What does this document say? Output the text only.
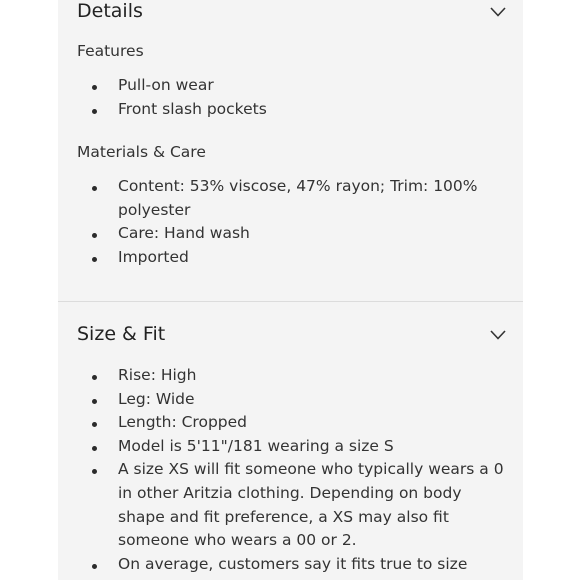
Details
Features
Pull-on wear
Front slash pockets
Materials & Care
Content: 53% viscose, 47% rayon; Trim: 100% polyester
Care: Hand wash
Imported
Size & Fit
Rise: High
Leg: Wide
Length: Cropped
Model is 5'11"/181 wearing a size S
A size XS will fit someone who typically wears a 0 in other Aritzia clothing. Depending on body shape and fit preference, a XS may also fit someone who wears a 00 or 2.
On average, customers say it fits true to size
